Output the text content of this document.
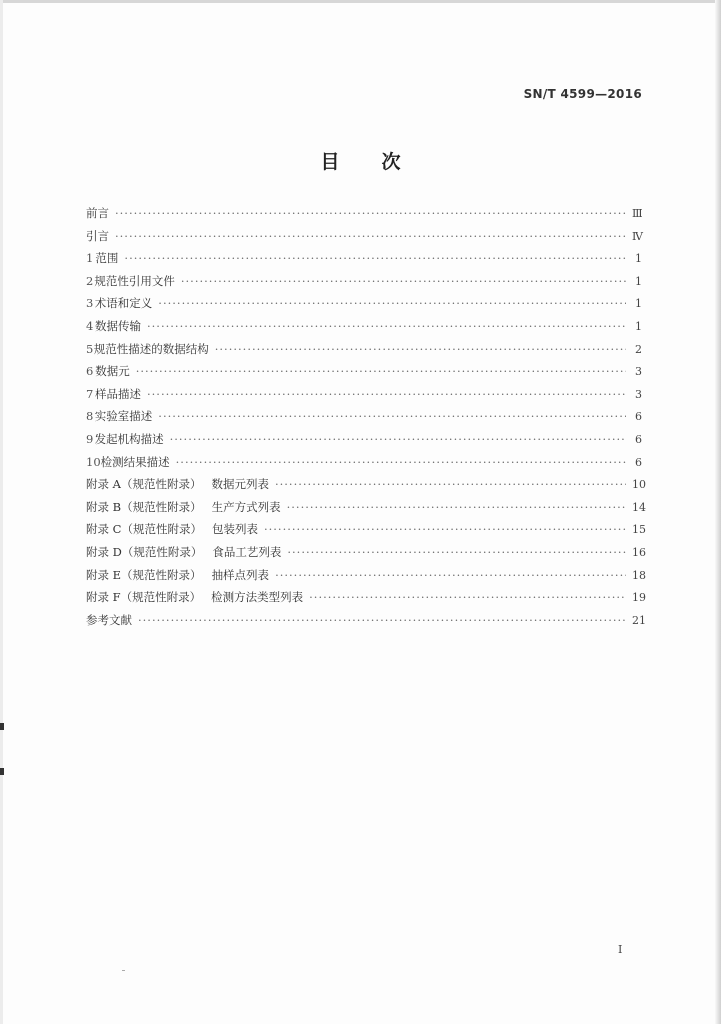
SN/T 4599—2016
目 次
前言 ·····	Ⅲ
引言 ·····	Ⅳ
1 范围 ·····	1
2 规范性引用文件 ·····	1
3 术语和定义 ·····	1
4 数据传输 ·····	1
5 规范性描述的数据结构 ·····	2
6 数据元 ·····	3
7 样品描述 ·····	3
8 实验室描述 ·····	6
9 发起机构描述 ·····	6
10 检测结果描述 ·····	6
附录 A（规范性附录） 数据元列表 ·····	10
附录 B（规范性附录） 生产方式列表 ·····	14
附录 C（规范性附录） 包装列表 ·····	15
附录 D（规范性附录） 食品工艺列表 ·····	16
附录 E（规范性附录） 抽样点列表 ·····	18
附录 F（规范性附录） 检测方法类型列表 ·····	19
参考文献 ·····	21
I
